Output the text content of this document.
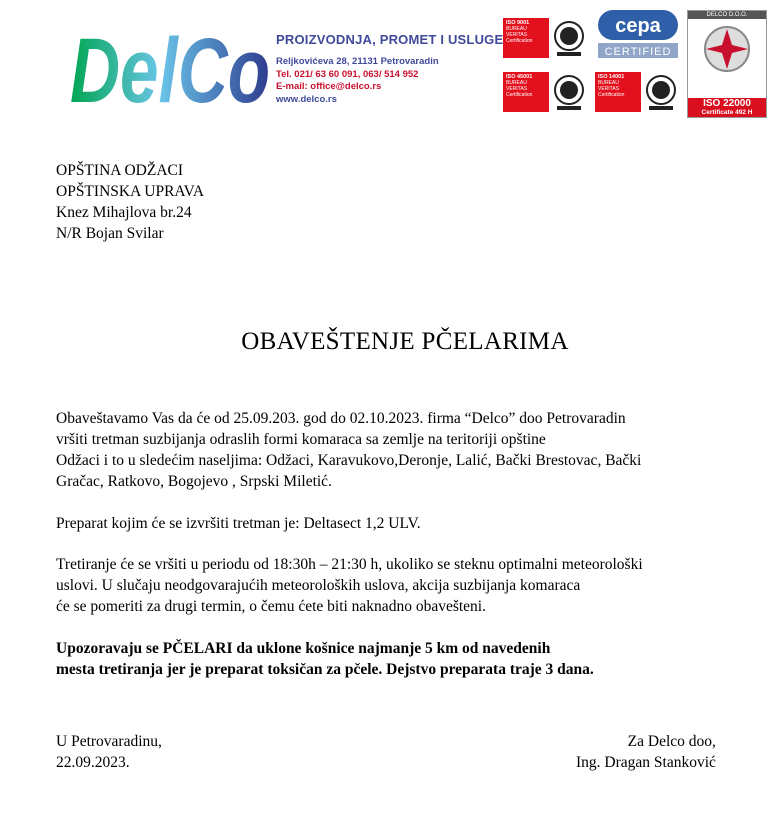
DelCo PROIZVODNJA, PROMET I USLUGE
Reljkovićeva 28, 21131 Petrovaradin
Tel. 021/ 63 60 091, 063/ 514 952
E-mail: office@delco.rs
www.delco.rs
ISO 9001
BUREAU VERITAS Certification
ISO 45001
BUREAU VERITAS Certification
ISO 14001
BUREAU VERITAS Certification
cepa
CERTIFIED
DELCO D.O.O.
ISO 22000
Certificate 492 H
OPŠTINA ODŽACI
OPŠTINSKA UPRAVA
Knez Mihajlova br.24
N/R Bojan Svilar
OBAVEŠTENJE PČELARIMA
Obaveštavamo Vas da će od 25.09.203. god do 02.10.2023. firma “Delco” doo Petrovaradin
vršiti tretman suzbijanja odraslih formi komaraca sa zemlje na teritoriji opštine
Odžaci i to u sledećim naseljima: Odžaci, Karavukovo,Deronje, Lalić, Bački Brestovac, Bački
Gračac, Ratkovo, Bogojevo , Srpski Miletić.
Preparat kojim će se izvršiti tretman je: Deltasect 1,2 ULV.
Tretiranje će se vršiti u periodu od 18:30h – 21:30 h, ukoliko se steknu optimalni meteorološki
uslovi. U slučaju neodgovarajućih meteoroloških uslova, akcija suzbijanja komaraca
će se pomeriti za drugi termin, o čemu ćete biti naknadno obavešteni.
Upozoravaju se PČELARI da uklone košnice najmanje 5 km od navedenih
mesta tretiranja jer je preparat toksičan za pčele. Dejstvo preparata traje 3 dana.
U Petrovaradinu,
22.09.2023.
Za Delco doo,
Ing. Dragan Stanković
